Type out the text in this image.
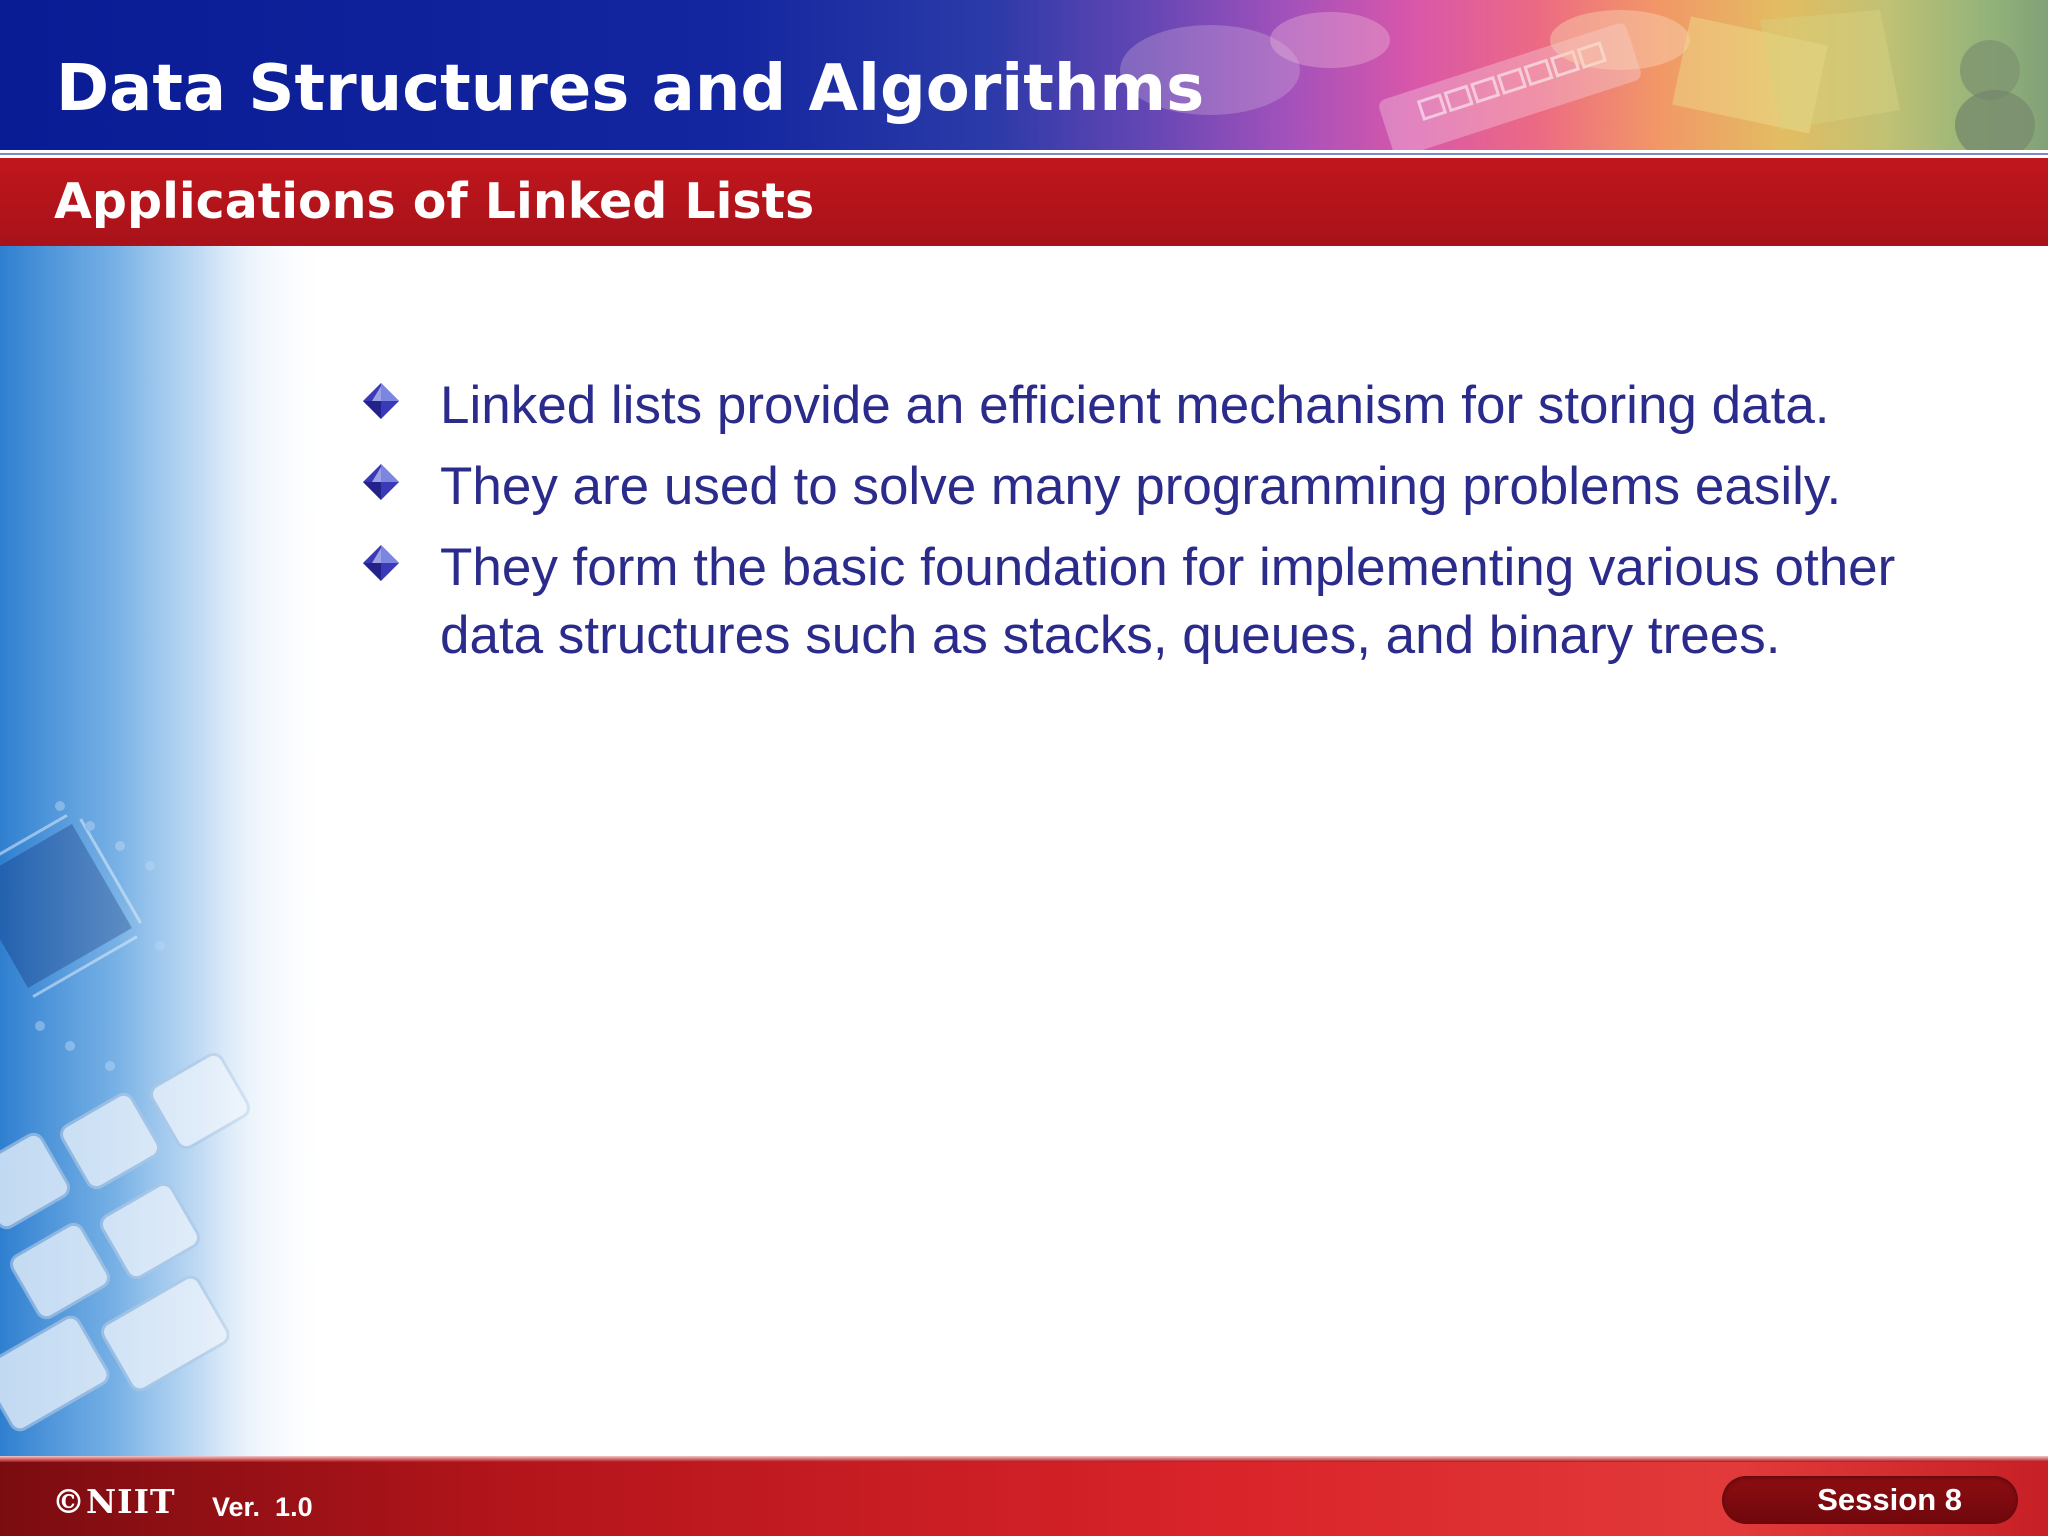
Data Structures and Algorithms
Applications of Linked Lists
Linked lists provide an efficient mechanism for storing data.
They are used to solve many programming problems easily.
They form the basic foundation for implementing various other data structures such as stacks, queues, and binary trees.
©NIIT Ver.  1.0	Session 8
